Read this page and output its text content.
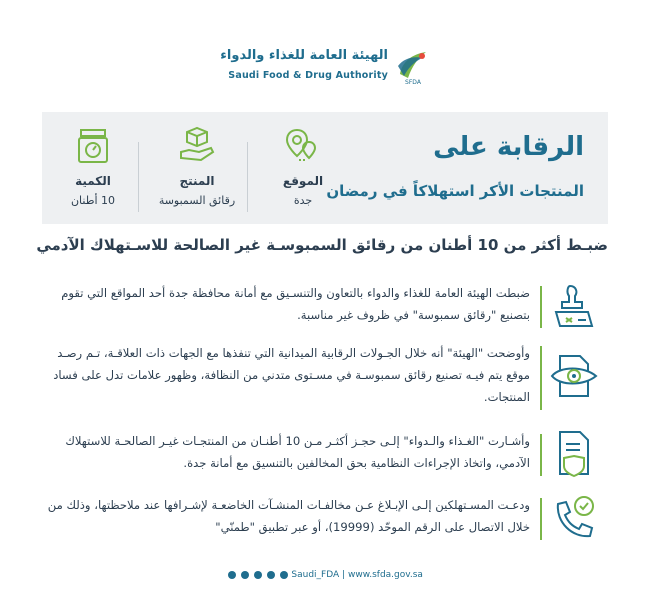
الهيئة العامة للغذاء والدواء
Saudi Food & Drug Authority
SFDA
الرقابة على
المنتجات الأكر استهلاكاً في رمضان
الموقع
جدة
المنتج
رقائق السمبوسة
الكمية
10 أطنان
ضبـط أكثر من 10 أطنان من رقائق السمبوسـة غير الصالحة للاسـتهلاك الآدمي
ضبطت الهيئة العامة للغذاء والدواء بالتعاون والتنسـيق مع أمانة محافظة جدة أحد المواقع التي تقوم بتصنيع "رقائق سمبوسة" في ظروف غير مناسبة.
وأوضحت "الهيئة" أنه خلال الجـولات الرقابية الميدانية التي تنفذها مع الجهات ذات العلاقـة، تـم رصـد موقع يتم فيـه تصنيع رقائق سمبوسـة في مسـتوى متدني من النظافة، وظهور علامات تدل على فساد المنتجات.
وأشـارت "الغـذاء والـدواء" إلـى حجـز أكثـر مـن 10 أطنـان من المنتجـات غيـر الصالحـة للاستهلاك الآدمي، واتخاذ الإجراءات النظامية بحق المخالفين بالتنسيق مع أمانة جدة.
ودعـت المسـتهلكين إلـى الإبـلاغ عـن مخالفـات المنشـآت الخاضعـة لإشـرافها عند ملاحظتها، وذلك من خلال الاتصال على الرقم الموحّد (19999)، أو عبر تطبيق "طمنّي"
Saudi_FDA | www.sfda.gov.sa
